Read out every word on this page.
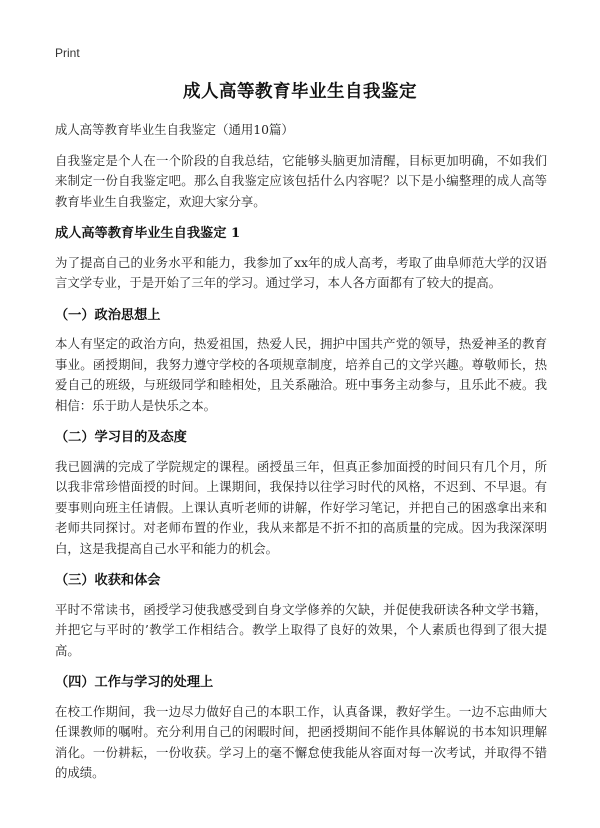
Print
成人高等教育毕业生自我鉴定

成人高等教育毕业生自我鉴定（通用10篇）

自我鉴定是个人在一个阶段的自我总结，它能够头脑更加清醒，目标更加明确，不如我们来制定一份自我鉴定吧。那么自我鉴定应该包括什么内容呢？以下是小编整理的成人高等教育毕业生自我鉴定，欢迎大家分享。

成人高等教育毕业生自我鉴定 1

为了提高自己的业务水平和能力，我参加了xx年的成人高考，考取了曲阜师范大学的汉语言文学专业，于是开始了三年的学习。通过学习，本人各方面都有了较大的提高。

（一）政治思想上

本人有坚定的政治方向，热爱祖国，热爱人民，拥护中国共产党的领导，热爱神圣的教育事业。函授期间，我努力遵守学校的各项规章制度，培养自己的文学兴趣。尊敬师长，热爱自己的班级，与班级同学和睦相处，且关系融洽。班中事务主动参与，且乐此不疲。我相信：乐于助人是快乐之本。

（二）学习目的及态度

我已圆满的完成了学院规定的课程。函授虽三年，但真正参加面授的时间只有几个月，所以我非常珍惜面授的时间。上课期间，我保持以往学习时代的风格，不迟到、不早退。有要事则向班主任请假。上课认真听老师的讲解，作好学习笔记，并把自己的困惑拿出来和老师共同探讨。对老师布置的作业，我从来都是不折不扣的高质量的完成。因为我深深明白，这是我提高自己水平和能力的机会。

（三）收获和体会

平时不常读书，函授学习使我感受到自身文学修养的欠缺，并促使我研读各种文学书籍，并把它与平时的’教学工作相结合。教学上取得了良好的效果，个人素质也得到了很大提高。

（四）工作与学习的处理上

在校工作期间，我一边尽力做好自己的本职工作，认真备课，教好学生。一边不忘曲师大任课教师的嘱咐。充分利用自己的闲暇时间，把函授期间不能作具体解说的书本知识理解消化。一份耕耘，一份收获。学习上的毫不懈怠使我能从容面对每一次考试，并取得不错的成绩。
